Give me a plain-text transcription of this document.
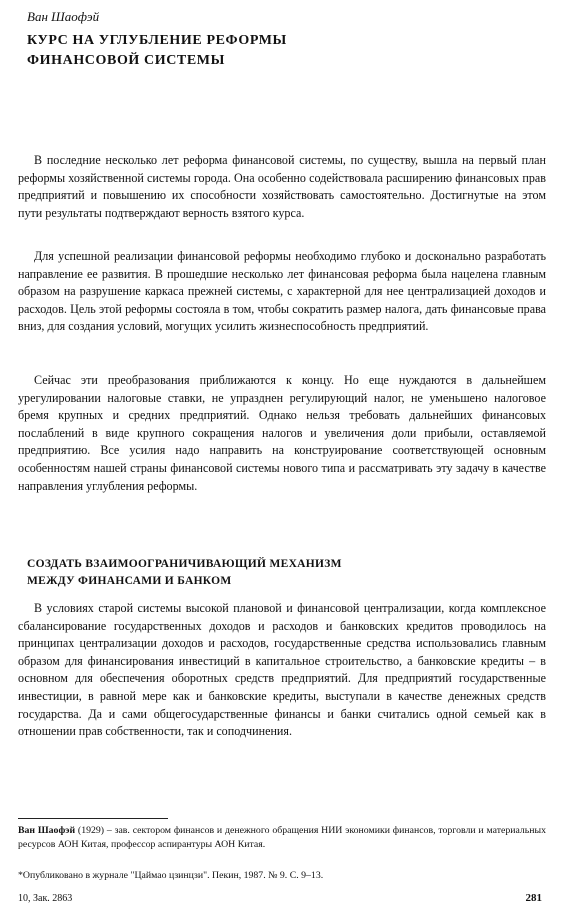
Ван Шаофэй
КУРС НА УГЛУБЛЕНИЕ РЕФОРМЫ
ФИНАНСОВОЙ СИСТЕМЫ

В последние несколько лет реформа финансовой системы, по существу, вышла на первый план реформы хозяйственной системы города. Она особенно содействовала расширению финансовых прав предприятий и повышению их способности хозяйствовать самостоятельно. Достигнутые на этом пути результаты подтверждают верность взятого курса.

Для успешной реализации финансовой реформы необходимо глубоко и досконально разработать направление ее развития. В прошедшие несколько лет финансовая реформа была нацелена главным образом на разрушение каркаса прежней системы, с характерной для нее централизацией доходов и расходов. Цель этой реформы состояла в том, чтобы сократить размер налога, дать финансовые права вниз, для создания условий, могущих усилить жизнеспособность предприятий.

Сейчас эти преобразования приближаются к концу. Но еще нуждаются в дальнейшем урегулировании налоговые ставки, не упразднен регулирующий налог, не уменьшено налоговое бремя крупных и средних предприятий. Однако нельзя требовать дальнейших финансовых послаблений в виде крупного сокращения налогов и увеличения доли прибыли, оставляемой предприятию. Все усилия надо направить на конструирование соответствующей основным особенностям нашей страны финансовой системы нового типа и рассматривать эту задачу в качестве направления углубления реформы.

СОЗДАТЬ ВЗАИМООГРАНИЧИВАЮЩИЙ МЕХАНИЗМ
МЕЖДУ ФИНАНСАМИ И БАНКОМ

В условиях старой системы высокой плановой и финансовой централизации, когда комплексное сбалансирование государственных доходов и расходов и банковских кредитов проводилось на принципах централизации доходов и расходов, государственные средства использовались главным образом для финансирования инвестиций в капитальное строительство, а банковские кредиты – в основном для обеспечения оборотных средств предприятий. Для предприятий государственные инвестиции, в равной мере как и банковские кредиты, выступали в качестве денежных средств государства. Да и сами общегосударственные финансы и банки считались одной семьей как в отношении прав собственности, так и соподчинения.

Ван Шаофэй (1929) – зав. сектором финансов и денежного обращения НИИ экономики финансов, торговли и материальных ресурсов АОН Китая, профессор аспирантуры АОН Китая.

*Опубликовано в журнале "Цаймао цзинцзи". Пекин, 1987. № 9. С. 9–13.

10, Зак. 2863	281
